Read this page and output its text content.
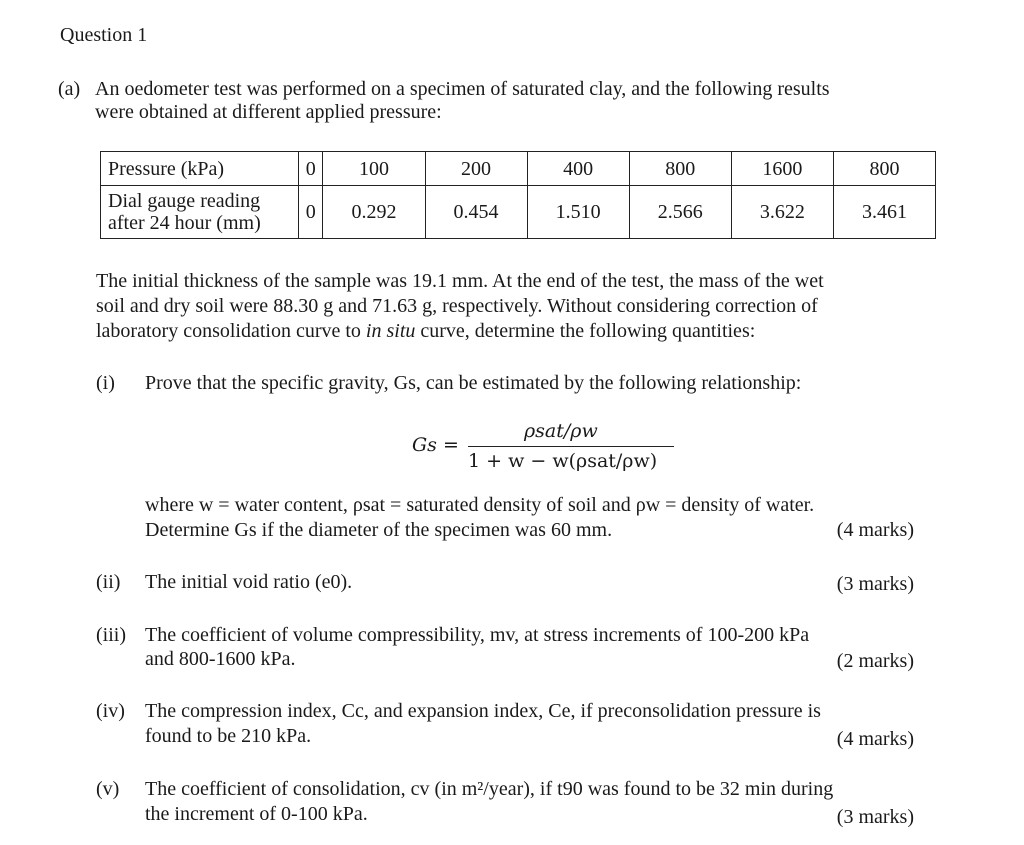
Question 1
(a) An oedometer test was performed on a specimen of saturated clay, and the following results
were obtained at different applied pressure:
Pressure (kPa)	0	100	200	400	800	1600	800

Dial gauge reading
after 24 hour (mm)	0	0.292	0.454	1.510	2.566	3.622	3.461
The initial thickness of the sample was 19.1 mm. At the end of the test, the mass of the wet
soil and dry soil were 88.30 g and 71.63 g, respectively. Without considering correction of
laboratory consolidation curve to in situ curve, determine the following quantities:
(i) Prove that the specific gravity, Gs, can be estimated by the following relationship:
Gs =
ρsat/ρw
1 + w − w(ρsat/ρw)
where w = water content, ρsat = saturated density of soil and ρw = density of water.
Determine Gs if the diameter of the specimen was 60 mm.	(4 marks)
(ii) The initial void ratio (e0).	(3 marks)
(iii) The coefficient of volume compressibility, mv, at stress increments of 100-200 kPa
and 800-1600 kPa.	(2 marks)
(iv) The compression index, Cc, and expansion index, Ce, if preconsolidation pressure is
found to be 210 kPa.	(4 marks)
(v) The coefficient of consolidation, cv (in m²/year), if t90 was found to be 32 min during
the increment of 0-100 kPa.	(3 marks)
